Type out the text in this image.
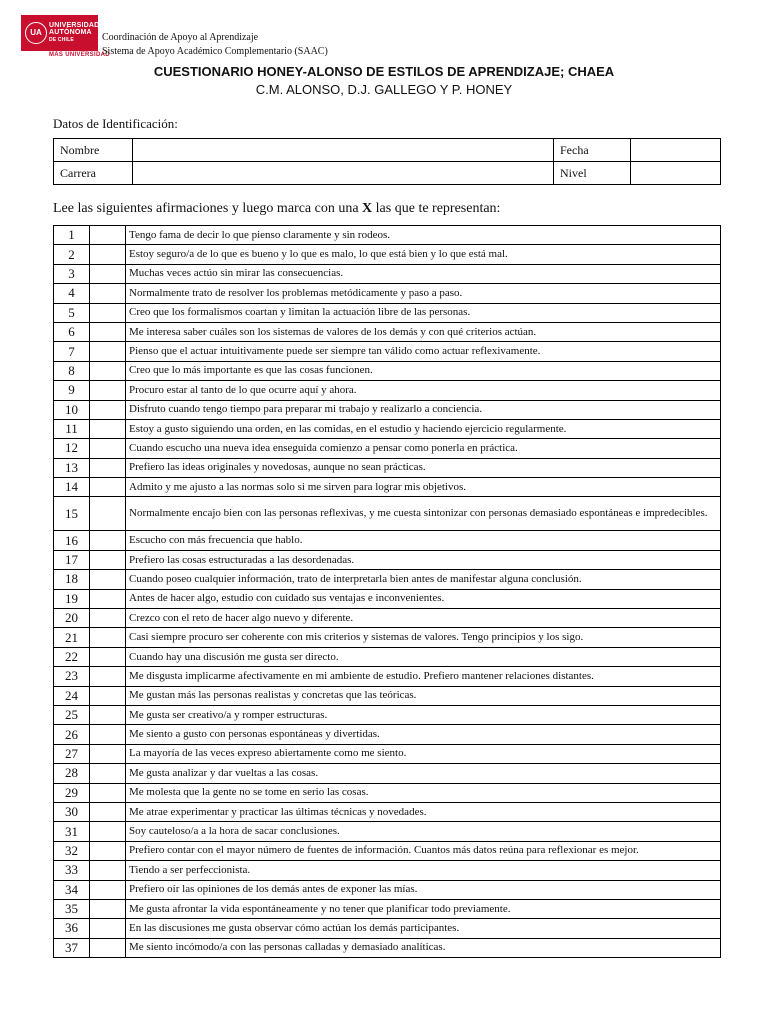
UA
UNIVERSIDAD
AUTÓNOMA
DE CHILE
MÁS UNIVERSIDAD
Coordinación de Apoyo al Aprendizaje
Sistema de Apoyo Académico Complementario (SAAC)
CUESTIONARIO HONEY-ALONSO DE ESTILOS DE APRENDIZAJE; CHAEA
C.M. ALONSO, D.J. GALLEGO Y P. HONEY
Datos de Identificación:
Nombre		Fecha	
Carrera		Nivel	
Lee las siguientes afirmaciones y luego marca con una X las que te representan:
1		Tengo fama de decir lo que pienso claramente y sin rodeos.
2		Estoy seguro/a de lo que es bueno y lo que es malo, lo que está bien y lo que está mal.
3		Muchas veces actúo sin mirar las consecuencias.
4		Normalmente trato de resolver los problemas metódicamente y paso a paso.
5		Creo que los formalismos coartan y limitan la actuación libre de las personas.
6		Me interesa saber cuáles son los sistemas de valores de los demás y con qué criterios actúan.
7		Pienso que el actuar intuitivamente puede ser siempre tan válido como actuar reflexivamente.
8		Creo que lo más importante es que las cosas funcionen.
9		Procuro estar al tanto de lo que ocurre aquí y ahora.
10		Disfruto cuando tengo tiempo para preparar mi trabajo y realizarlo a conciencia.
11		Estoy a gusto siguiendo una orden, en las comidas, en el estudio y haciendo ejercicio regularmente.
12		Cuando escucho una nueva idea enseguida comienzo a pensar como ponerla en práctica.
13		Prefiero las ideas originales y novedosas, aunque no sean prácticas.
14		Admito y me ajusto a las normas solo si me sirven para lograr mis objetivos.
15		Normalmente encajo bien con las personas reflexivas, y me cuesta sintonizar con personas demasiado espontáneas e impredecibles.
16		Escucho con más frecuencia que hablo.
17		Prefiero las cosas estructuradas a las desordenadas.
18		Cuando poseo cualquier información, trato de interpretarla bien antes de manifestar alguna conclusión.
19		Antes de hacer algo, estudio con cuidado sus ventajas e inconvenientes.
20		Crezco con el reto de hacer algo nuevo y diferente.
21		Casi siempre procuro ser coherente con mis criterios y sistemas de valores. Tengo principios y los sigo.
22		Cuando hay una discusión me gusta ser directo.
23		Me disgusta implicarme afectivamente en mi ambiente de estudio. Prefiero mantener relaciones distantes.
24		Me gustan más las personas realistas y concretas que las teóricas.
25		Me gusta ser creativo/a y romper estructuras.
26		Me siento a gusto con personas espontáneas y divertidas.
27		La mayoría de las veces expreso abiertamente como me siento.
28		Me gusta analizar y dar vueltas a las cosas.
29		Me molesta que la gente no se tome en serio las cosas.
30		Me atrae experimentar y practicar las últimas técnicas y novedades.
31		Soy cauteloso/a a la hora de sacar conclusiones.
32		Prefiero contar con el mayor número de fuentes de información. Cuantos más datos reúna para reflexionar es mejor.
33		Tiendo a ser perfeccionista.
34		Prefiero oír las opiniones de los demás antes de exponer las mías.
35		Me gusta afrontar la vida espontáneamente y no tener que planificar todo previamente.
36		En las discusiones me gusta observar cómo actúan los demás participantes.
37		Me siento incómodo/a con las personas calladas y demasiado analíticas.
